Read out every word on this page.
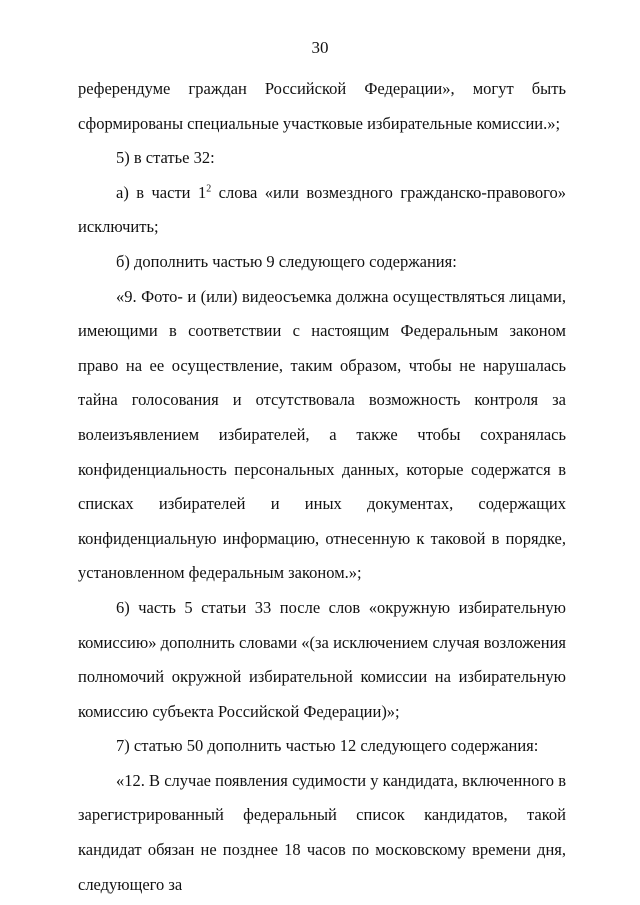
30

референдуме граждан Российской Федерации», могут быть сформированы специальные участковые избирательные комиссии.»;

5) в статье 32:

а) в части $1^2$ слова «или возмездного гражданско-правового» исключить;

б) дополнить частью 9 следующего содержания:

«9. Фото- и (или) видеосъемка должна осуществляться лицами, имеющими в соответствии с настоящим Федеральным законом право на ее осуществление, таким образом, чтобы не нарушалась тайна голосования и отсутствовала возможность контроля за волеизъявлением избирателей, а также чтобы сохранялась конфиденциальность персональных данных, которые содержатся в списках избирателей и иных документах, содержащих конфиденциальную информацию, отнесенную к таковой в порядке, установленном федеральным законом.»;

6) часть 5 статьи 33 после слов «окружную избирательную комиссию» дополнить словами «(за исключением случая возложения полномочий окружной избирательной комиссии на избирательную комиссию субъекта Российской Федерации)»;

7) статью 50 дополнить частью 12 следующего содержания:

«12. В случае появления судимости у кандидата, включенного в зарегистрированный федеральный список кандидатов, такой кандидат обязан не позднее 18 часов по московскому времени дня, следующего за
